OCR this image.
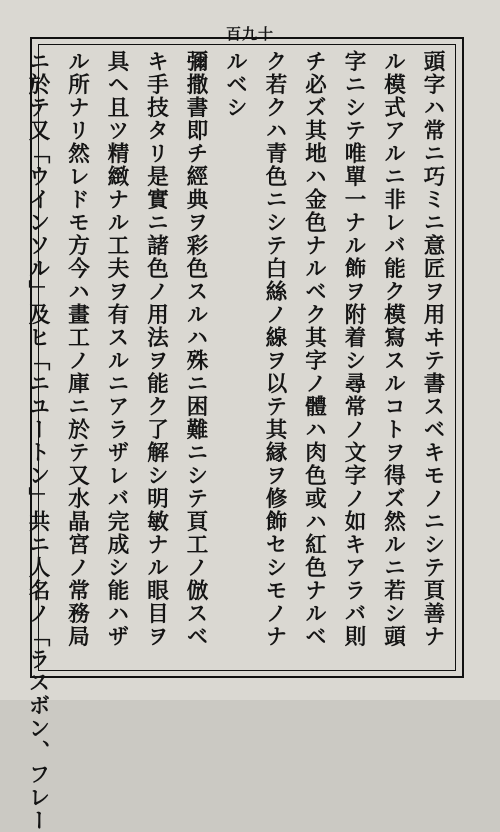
百九十
頭字ハ常ニ巧ミニ意匠ヲ用ヰテ書スベキモノニシテ頁善ナ
ル模式アルニ非レバ能ク模寫スルコトヲ得ズ然ルニ若シ頭
字ニシテ唯單一ナル飾ヲ附着シ尋常ノ文字ノ如キアラバ則
チ必ズ其地ハ金色ナルベク其字ノ體ハ肉色或ハ紅色ナルベ
ク若クハ青色ニシテ白絲ノ線ヲ以テ其縁ヲ修飾セシモノナ
ルベシ
彌撒書即チ經典ヲ彩色スルハ殊ニ困難ニシテ頁工ノ倣スベ
キ手技タリ是實ニ諸色ノ用法ヲ能ク了解シ明敏ナル眼目ヲ
具ヘ且ツ精緻ナル工夫ヲ有スルニアラザレバ完成シ能ハザ
ル所ナリ然レドモ方今ハ畫工ノ庫ニ於テ又水晶宮ノ常務局
ニ於テ又「ウインソル」及ヒ「ニユートン」共ニ人名ノ「ラスボン、フレー
